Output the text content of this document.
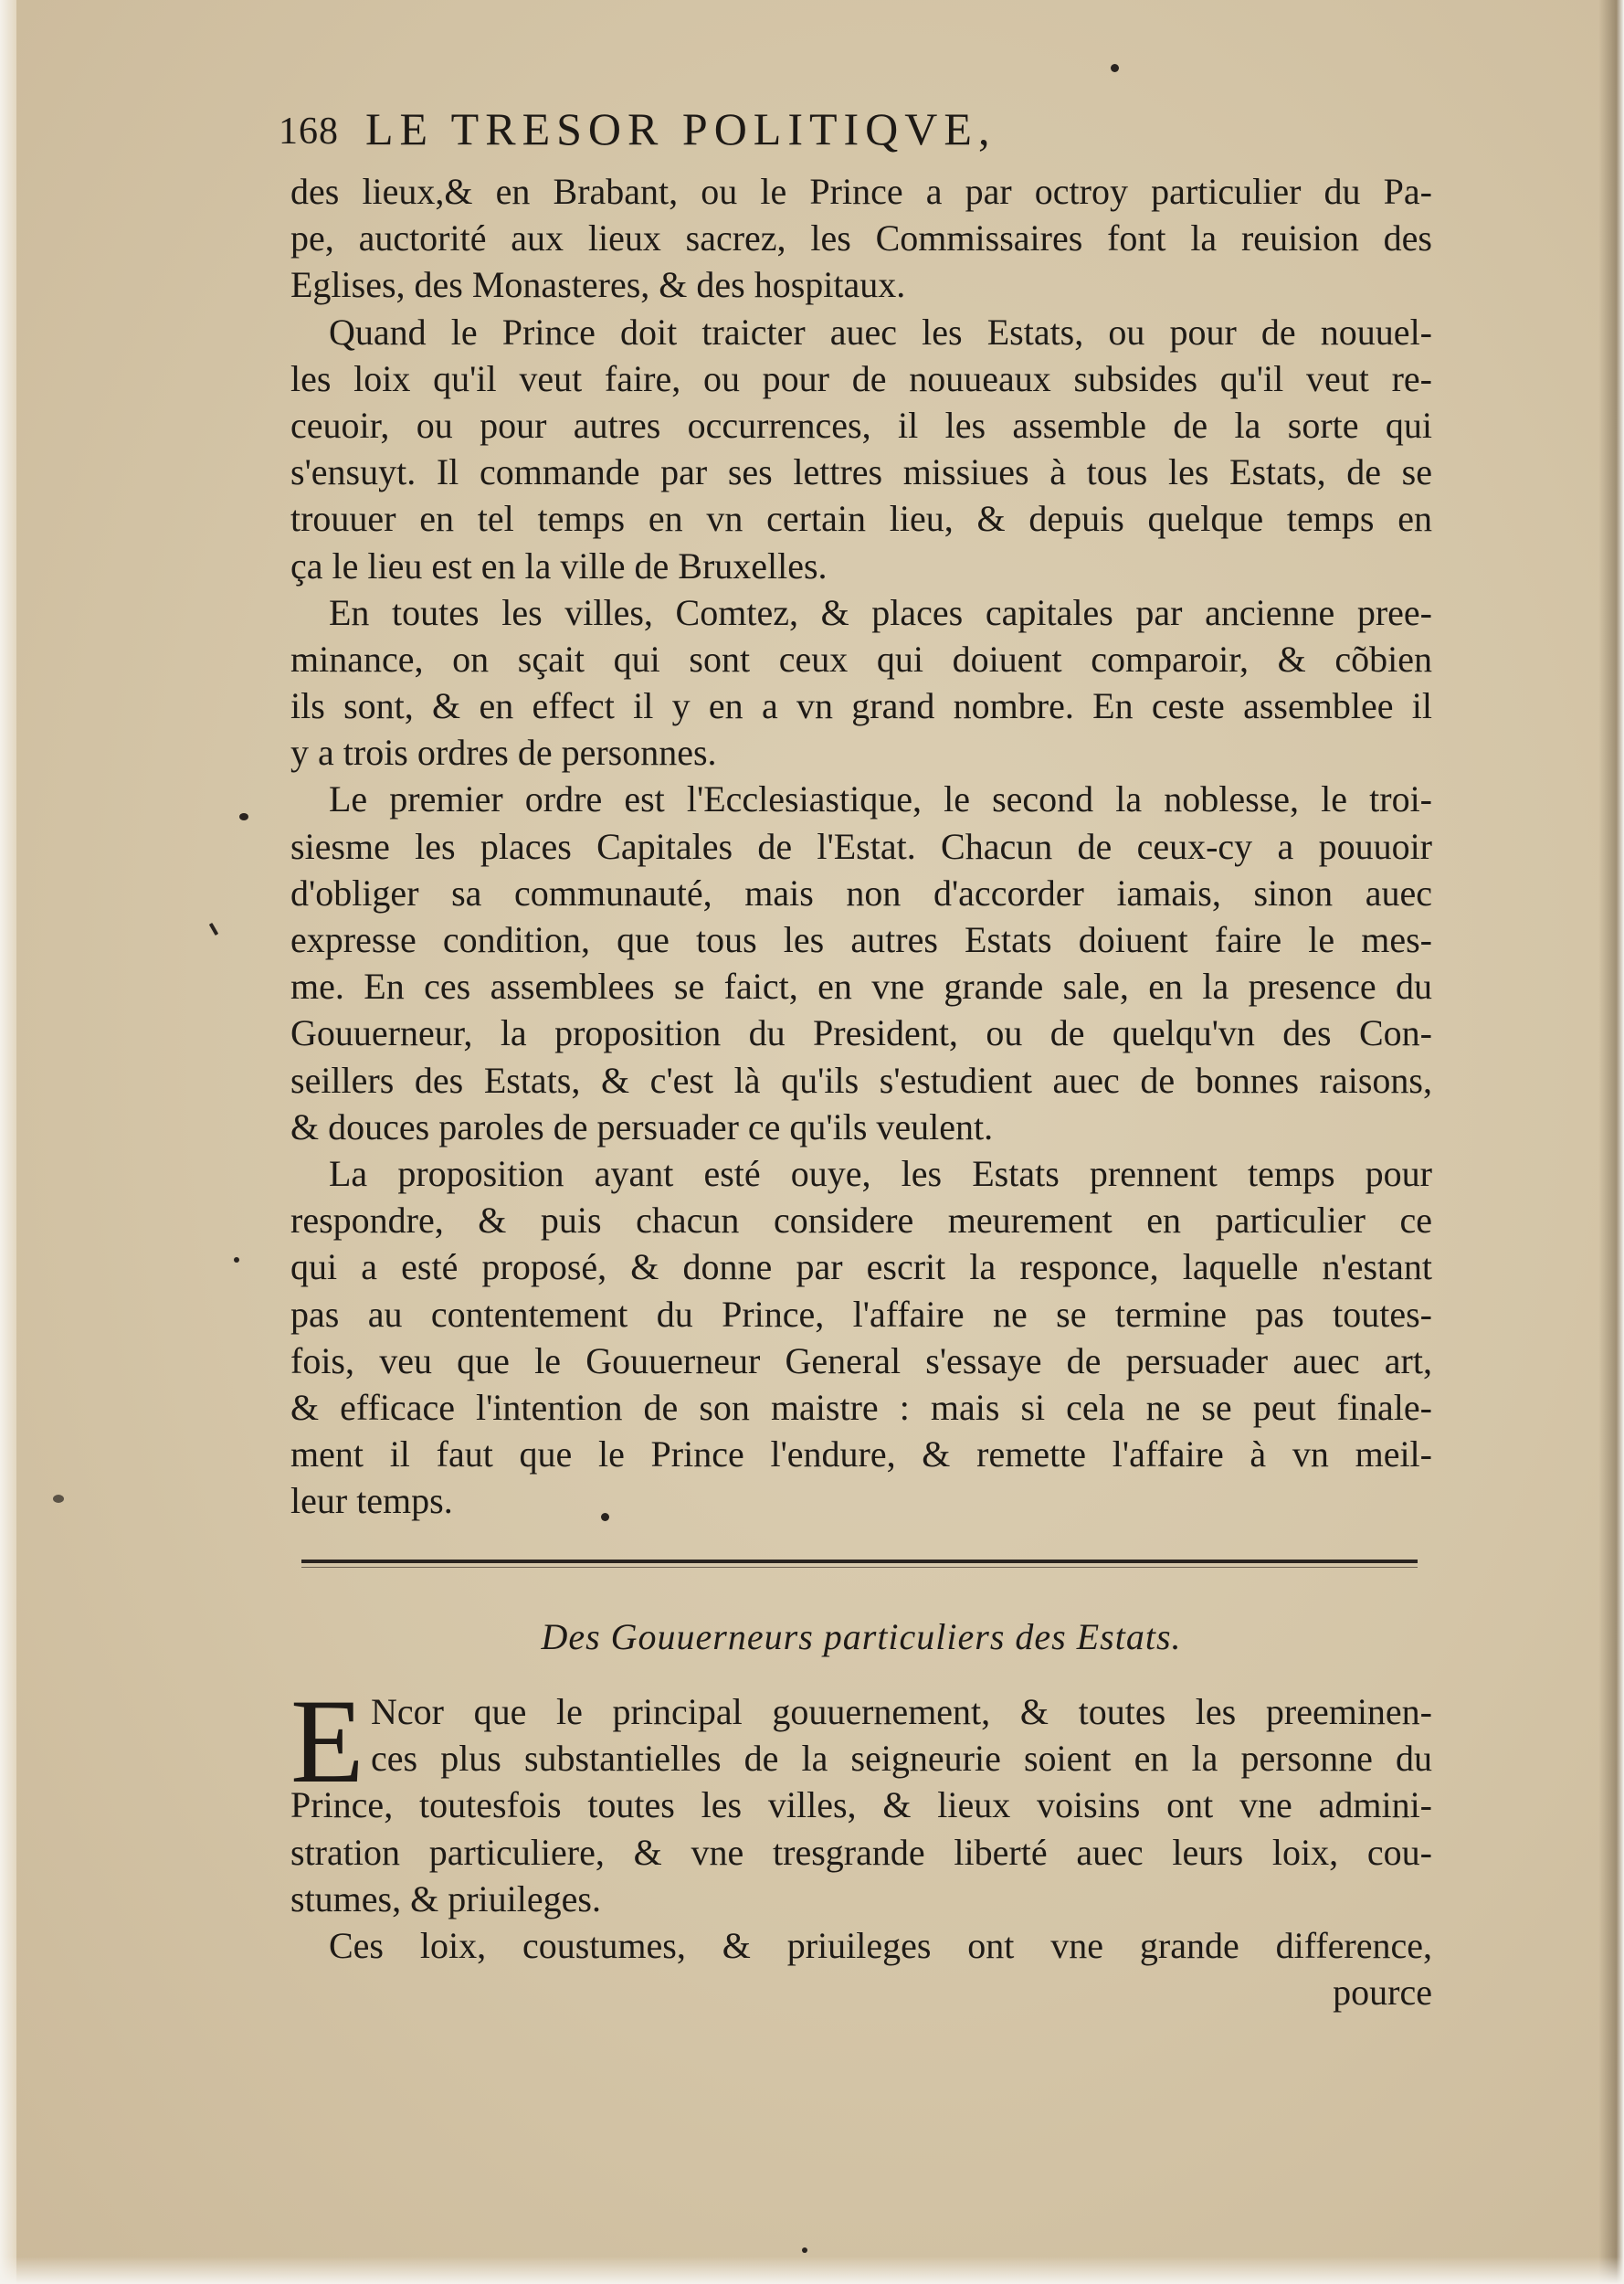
168 LE TRESOR POLITIQVE,
des lieux,& en Brabant, ou le Prince a par octroy particulier du Pa-
pe, auctorité aux lieux sacrez, les Commissaires font la reuision des
Eglises, des Monasteres, & des hospitaux.
Quand le Prince doit traicter auec les Estats, ou pour de nouuel-
les loix qu'il veut faire, ou pour de nouueaux subsides qu'il veut re-
ceuoir, ou pour autres occurrences, il les assemble de la sorte qui
s'ensuyt. Il commande par ses lettres missiues à tous les Estats, de se
trouuer en tel temps en vn certain lieu, & depuis quelque temps en
ça le lieu est en la ville de Bruxelles.
En toutes les villes, Comtez, & places capitales par ancienne pree-
minance, on sçait qui sont ceux qui doiuent comparoir, & cõbien
ils sont, & en effect il y en a vn grand nombre. En ceste assemblee il
y a trois ordres de personnes.
Le premier ordre est l'Ecclesiastique, le second la noblesse, le troi-
siesme les places Capitales de l'Estat. Chacun de ceux-cy a pouuoir
d'obliger sa communauté, mais non d'accorder iamais, sinon auec
expresse condition, que tous les autres Estats doiuent faire le mes-
me. En ces assemblees se faict, en vne grande sale, en la presence du
Gouuerneur, la proposition du President, ou de quelqu'vn des Con-
seillers des Estats, & c'est là qu'ils s'estudient auec de bonnes raisons,
& douces paroles de persuader ce qu'ils veulent.
La proposition ayant esté ouye, les Estats prennent temps pour
respondre, & puis chacun considere meurement en particulier ce
qui a esté proposé, & donne par escrit la responce, laquelle n'estant
pas au contentement du Prince, l'affaire ne se termine pas toutes-
fois, veu que le Gouuerneur General s'essaye de persuader auec art,
& efficace l'intention de son maistre : mais si cela ne se peut finale-
ment il faut que le Prince l'endure, & remette l'affaire à vn meil-
leur temps.
Des Gouuerneurs particuliers des Estats.
E Ncor que le principal gouuernement, & toutes les preeminen-
ces plus substantielles de la seigneurie soient en la personne du
Prince, toutesfois toutes les villes, & lieux voisins ont vne admini-
stration particuliere, & vne tresgrande liberté auec leurs loix, cou-
stumes, & priuileges.
Ces loix, coustumes, & priuileges ont vne grande difference,
pource
